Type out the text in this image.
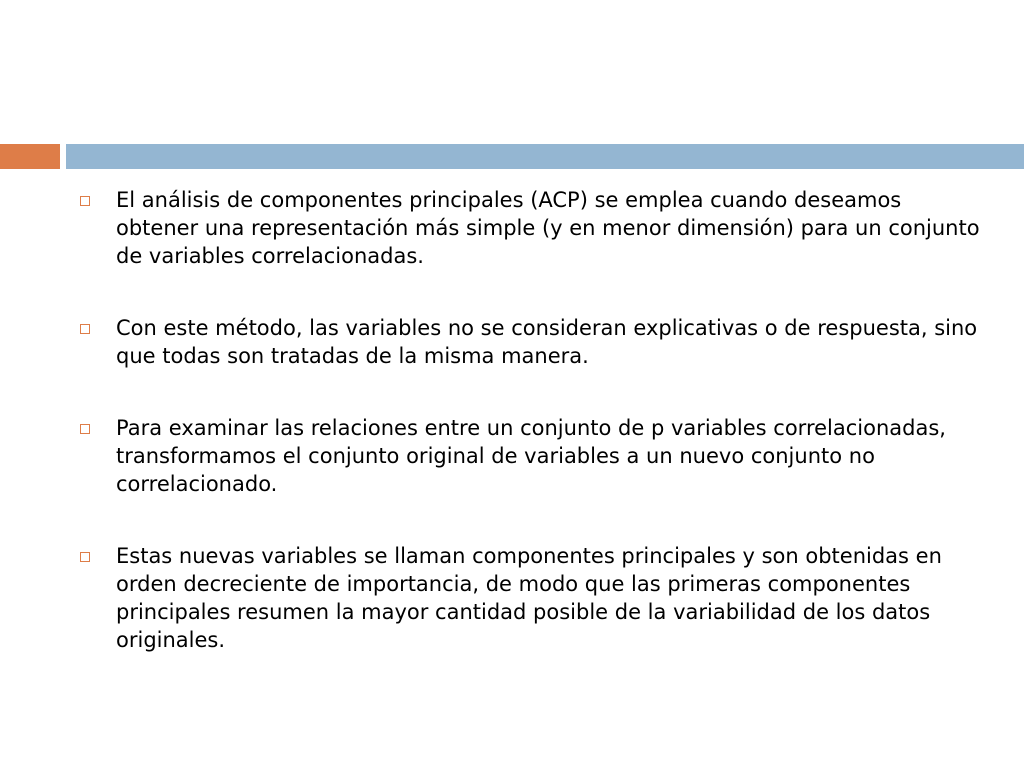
El análisis de componentes principales (ACP) se emplea cuando deseamos obtener una representación más simple (y en menor dimensión) para un conjunto de variables correlacionadas.
Con este método, las variables no se consideran explicativas o de respuesta, sino que todas son tratadas de la misma manera.
Para examinar las relaciones entre un conjunto de p variables correlacionadas, transformamos el conjunto original de variables a un nuevo conjunto no correlacionado.
Estas nuevas variables se llaman componentes principales y son obtenidas en orden decreciente de importancia, de modo que las primeras componentes principales resumen la mayor cantidad posible de la variabilidad de los datos originales.
